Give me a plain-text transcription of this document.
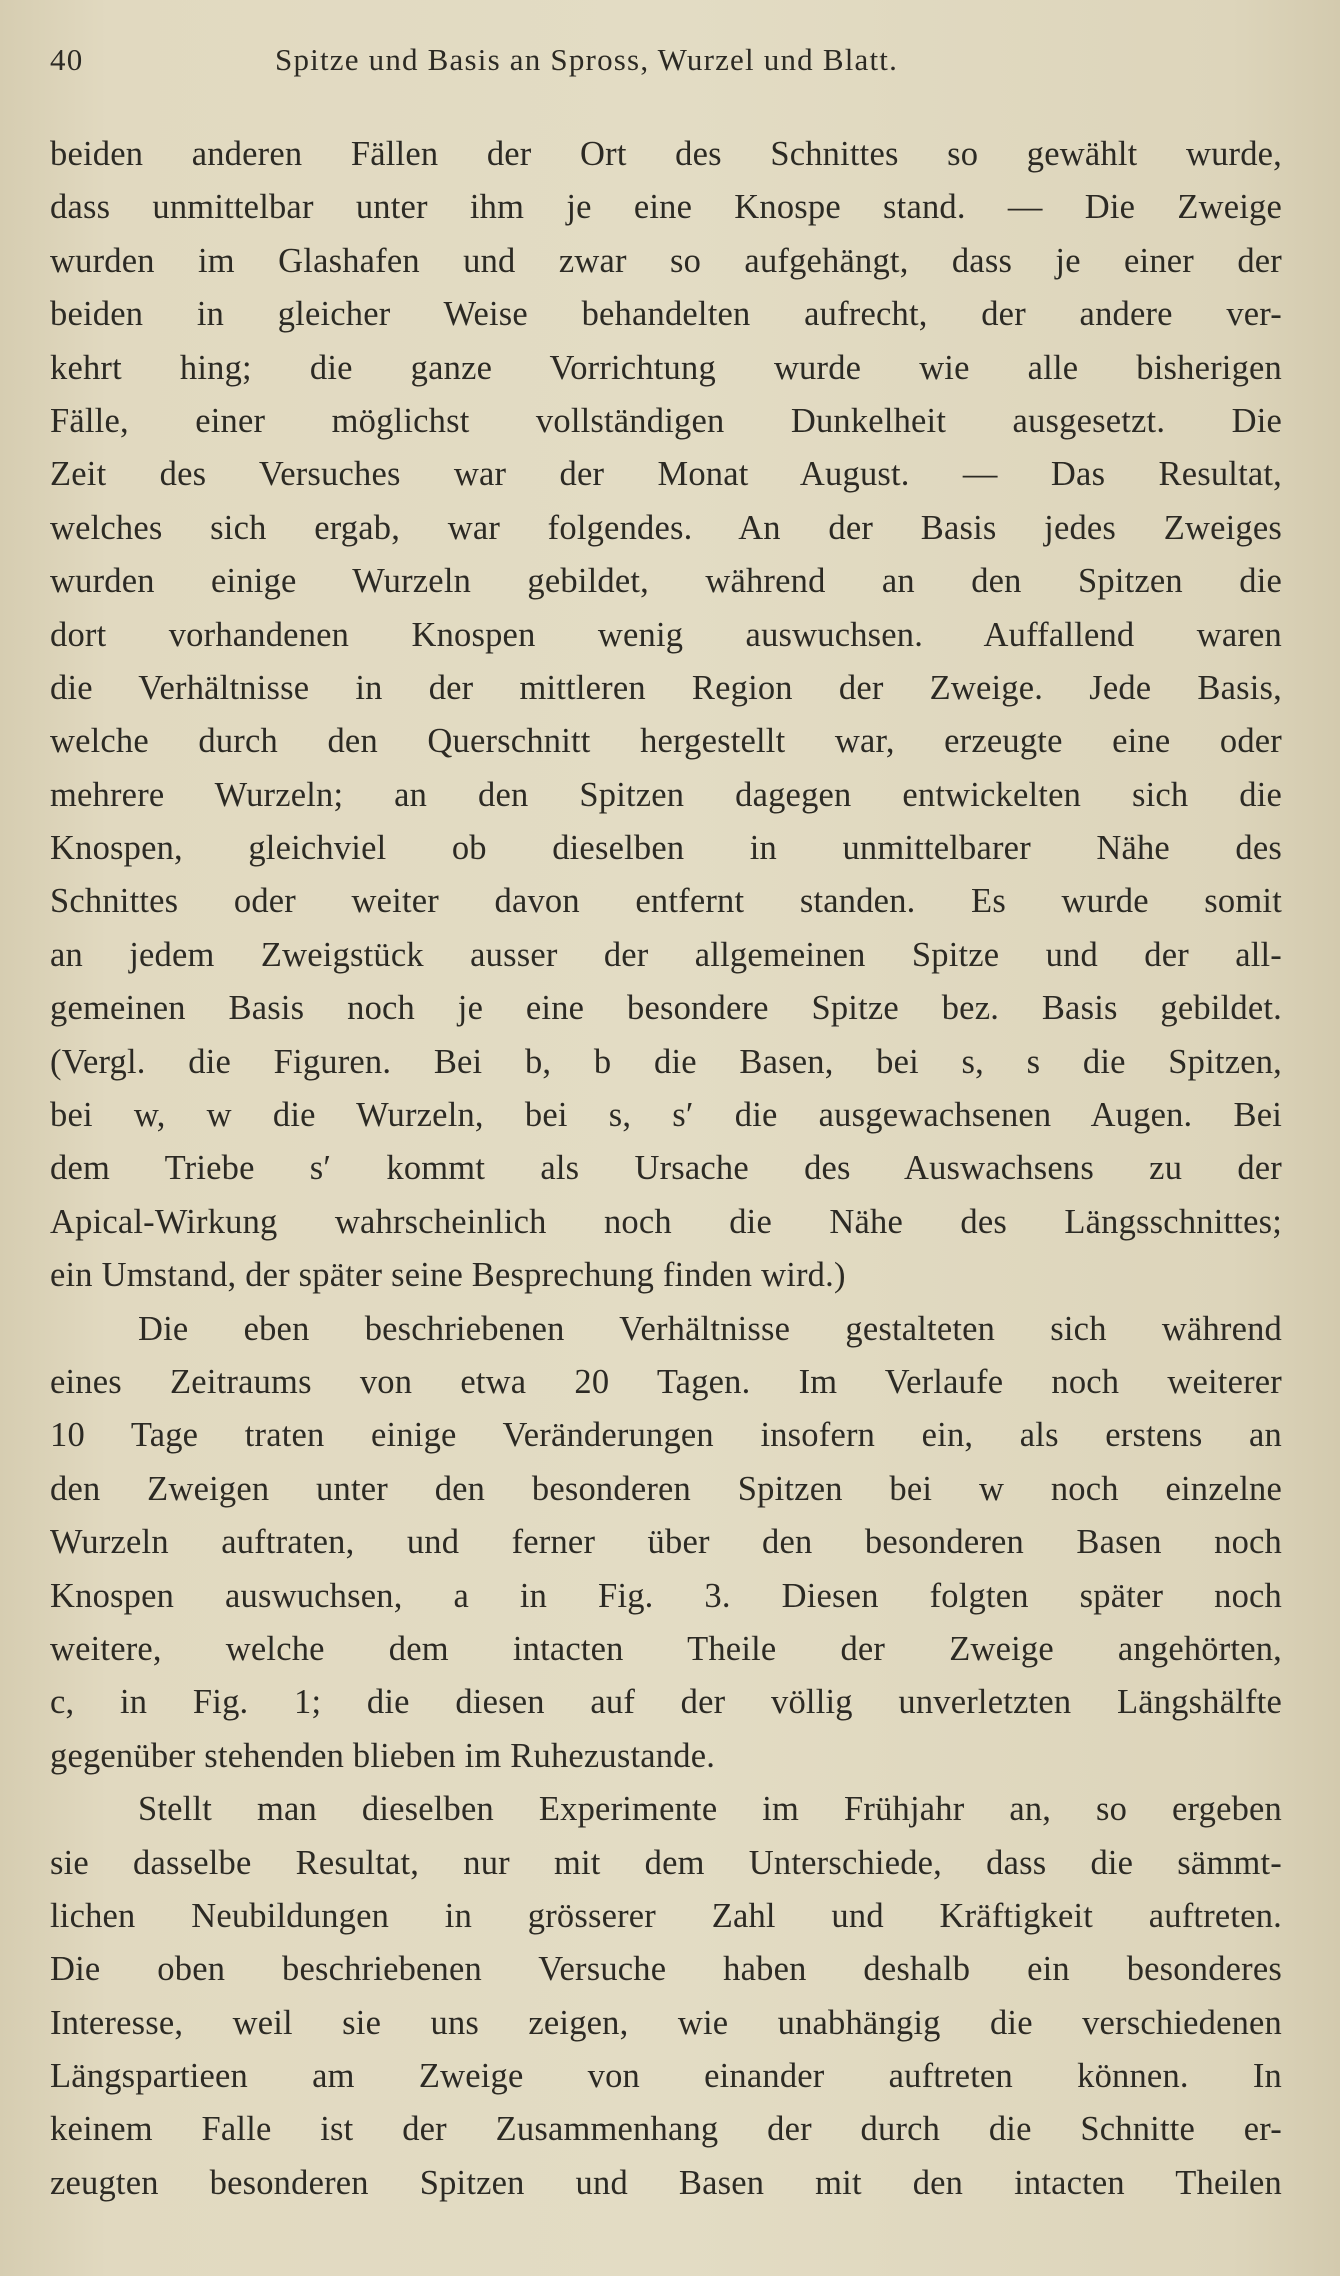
40	Spitze und Basis an Spross, Wurzel und Blatt.
beiden anderen Fällen der Ort des Schnittes so gewählt wurde,
dass unmittelbar unter ihm je eine Knospe stand. — Die Zweige
wurden im Glashafen und zwar so aufgehängt, dass je einer der
beiden in gleicher Weise behandelten aufrecht, der andere ver-
kehrt hing; die ganze Vorrichtung wurde wie alle bisherigen
Fälle, einer möglichst vollständigen Dunkelheit ausgesetzt. Die
Zeit des Versuches war der Monat August. — Das Resultat,
welches sich ergab, war folgendes. An der Basis jedes Zweiges
wurden einige Wurzeln gebildet, während an den Spitzen die
dort vorhandenen Knospen wenig auswuchsen. Auffallend waren
die Verhältnisse in der mittleren Region der Zweige. Jede Basis,
welche durch den Querschnitt hergestellt war, erzeugte eine oder
mehrere Wurzeln; an den Spitzen dagegen entwickelten sich die
Knospen, gleichviel ob dieselben in unmittelbarer Nähe des
Schnittes oder weiter davon entfernt standen. Es wurde somit
an jedem Zweigstück ausser der allgemeinen Spitze und der all-
gemeinen Basis noch je eine besondere Spitze bez. Basis gebildet.
(Vergl. die Figuren. Bei b, b die Basen, bei s, s die Spitzen,
bei w, w die Wurzeln, bei s, s′ die ausgewachsenen Augen. Bei
dem Triebe s′ kommt als Ursache des Auswachsens zu der
Apical-Wirkung wahrscheinlich noch die Nähe des Längsschnittes;
ein Umstand, der später seine Besprechung finden wird.)
Die eben beschriebenen Verhältnisse gestalteten sich während
eines Zeitraums von etwa 20 Tagen. Im Verlaufe noch weiterer
10 Tage traten einige Veränderungen insofern ein, als erstens an
den Zweigen unter den besonderen Spitzen bei w noch einzelne
Wurzeln auftraten, und ferner über den besonderen Basen noch
Knospen auswuchsen, a in Fig. 3. Diesen folgten später noch
weitere, welche dem intacten Theile der Zweige angehörten,
c, in Fig. 1; die diesen auf der völlig unverletzten Längshälfte
gegenüber stehenden blieben im Ruhezustande.
Stellt man dieselben Experimente im Frühjahr an, so ergeben
sie dasselbe Resultat, nur mit dem Unterschiede, dass die sämmt-
lichen Neubildungen in grösserer Zahl und Kräftigkeit auftreten.
Die oben beschriebenen Versuche haben deshalb ein besonderes
Interesse, weil sie uns zeigen, wie unabhängig die verschiedenen
Längspartieen am Zweige von einander auftreten können. In
keinem Falle ist der Zusammenhang der durch die Schnitte er-
zeugten besonderen Spitzen und Basen mit den intacten Theilen
